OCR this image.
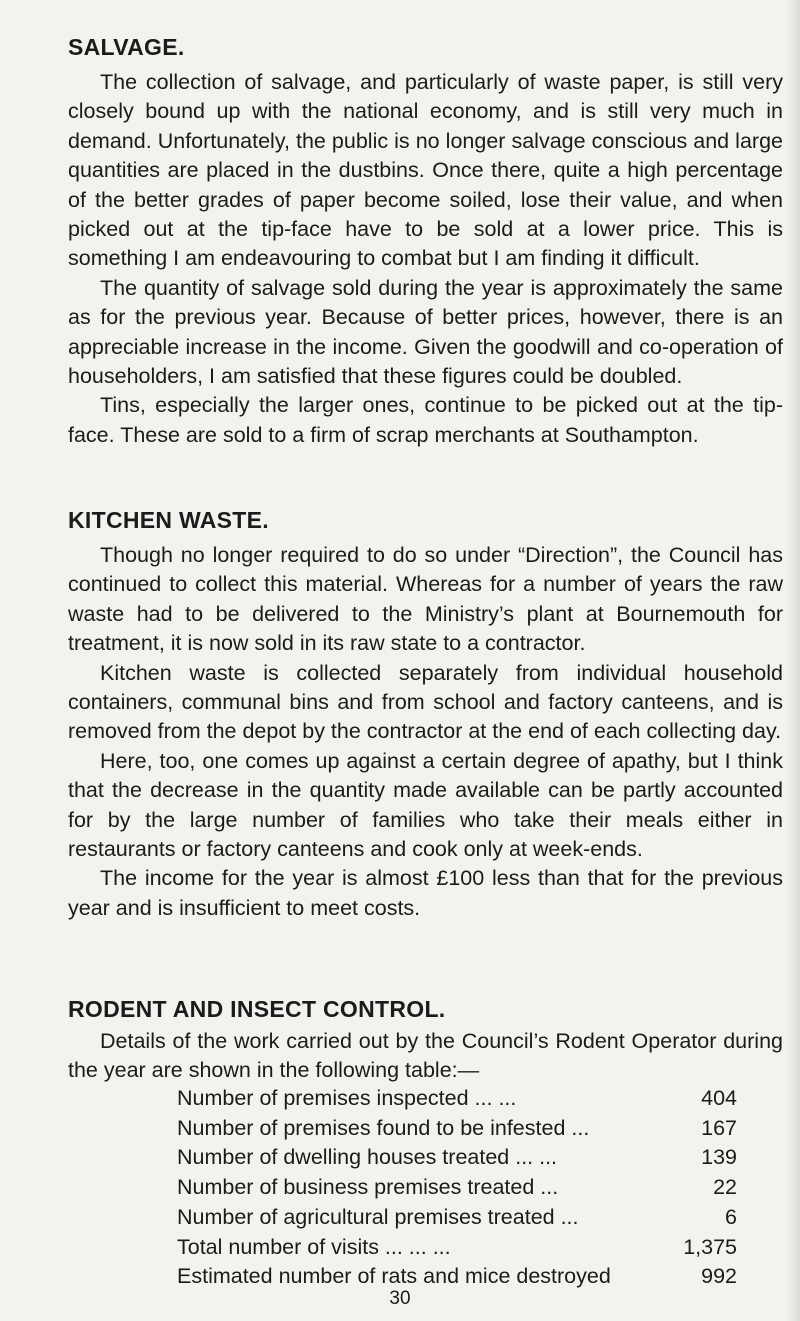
SALVAGE.

The collection of salvage, and particularly of waste paper, is still very closely bound up with the national economy, and is still very much in demand. Unfortunately, the public is no longer salvage conscious and large quantities are placed in the dustbins. Once there, quite a high percentage of the better grades of paper become soiled, lose their value, and when picked out at the tip-face have to be sold at a lower price. This is something I am endeavouring to combat but I am finding it difficult.

The quantity of salvage sold during the year is approximately the same as for the previous year. Because of better prices, however, there is an appreciable increase in the income. Given the goodwill and co-operation of householders, I am satisfied that these figures could be doubled.

Tins, especially the larger ones, continue to be picked out at the tip-face. These are sold to a firm of scrap merchants at Southampton.

KITCHEN WASTE.

Though no longer required to do so under “Direction”, the Council has continued to collect this material. Whereas for a number of years the raw waste had to be delivered to the Ministry’s plant at Bournemouth for treatment, it is now sold in its raw state to a contractor.

Kitchen waste is collected separately from individual household containers, communal bins and from school and factory canteens, and is removed from the depot by the contractor at the end of each collecting day.

Here, too, one comes up against a certain degree of apathy, but I think that the decrease in the quantity made available can be partly accounted for by the large number of families who take their meals either in restaurants or factory canteens and cook only at week-ends.

The income for the year is almost £100 less than that for the previous year and is insufficient to meet costs.

RODENT AND INSECT CONTROL.

Details of the work carried out by the Council’s Rodent Operator during the year are shown in the following table:—

Number of premises inspected ... ...	404
Number of premises found to be infested ...	167
Number of dwelling houses treated ... ...	139
Number of business premises treated ...	22
Number of agricultural premises treated ...	6
Total number of visits ... ... ...	1,375
Estimated number of rats and mice destroyed	992
30
